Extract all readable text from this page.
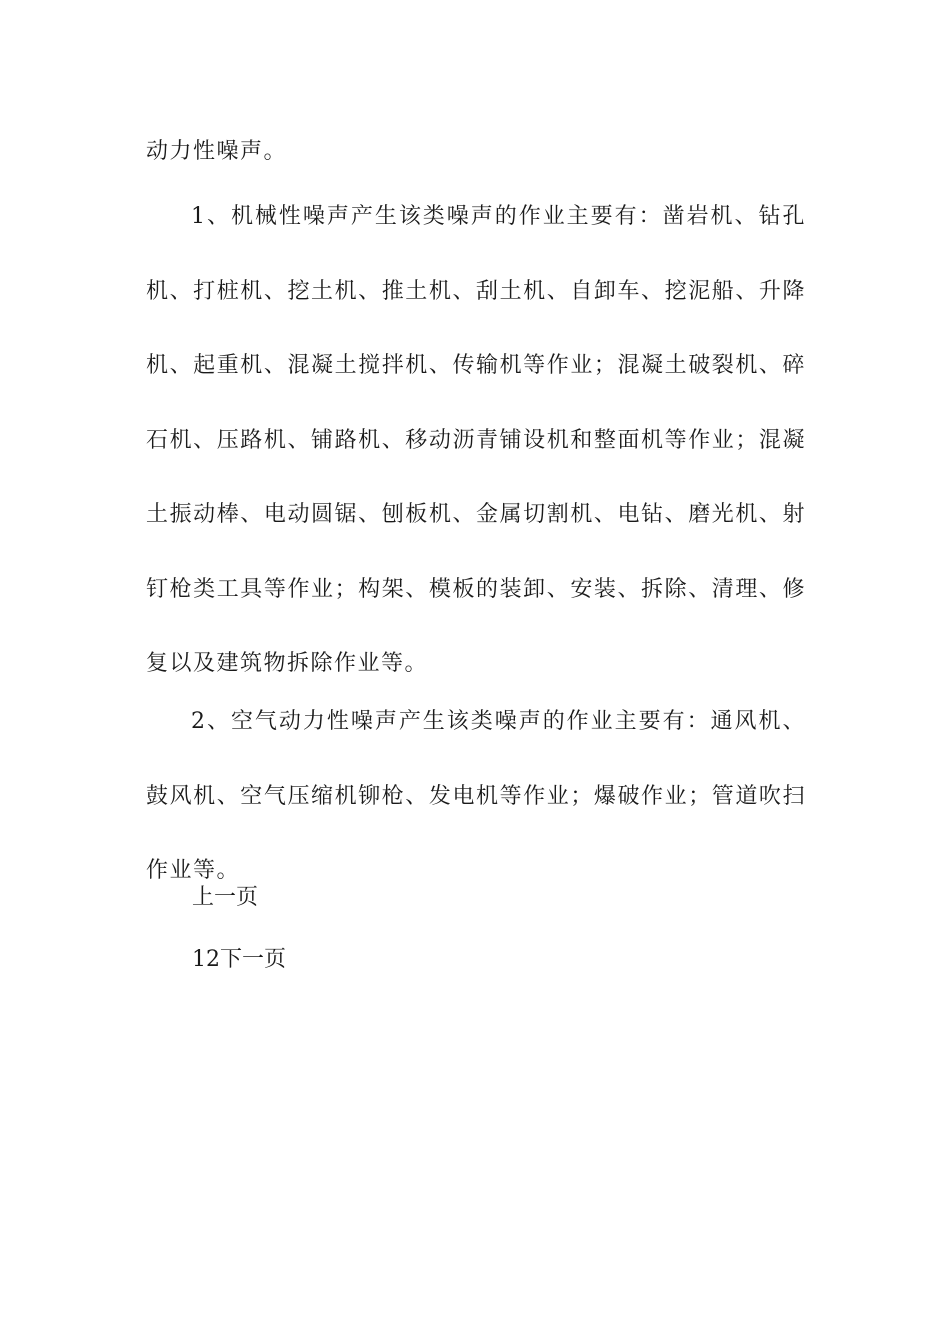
动力性噪声。
1、机械性噪声产生该类噪声的作业主要有：凿岩机、钻孔机、打桩机、挖土机、推土机、刮土机、自卸车、挖泥船、升降机、起重机、混凝土搅拌机、传输机等作业；混凝土破裂机、碎石机、压路机、铺路机、移动沥青铺设机和整面机等作业；混凝土振动棒、电动圆锯、刨板机、金属切割机、电钻、磨光机、射钉枪类工具等作业；构架、模板的装卸、安装、拆除、清理、修复以及建筑物拆除作业等。
2、空气动力性噪声产生该类噪声的作业主要有：通风机、鼓风机、空气压缩机铆枪、发电机等作业；爆破作业；管道吹扫作业等。
上一页
12下一页
